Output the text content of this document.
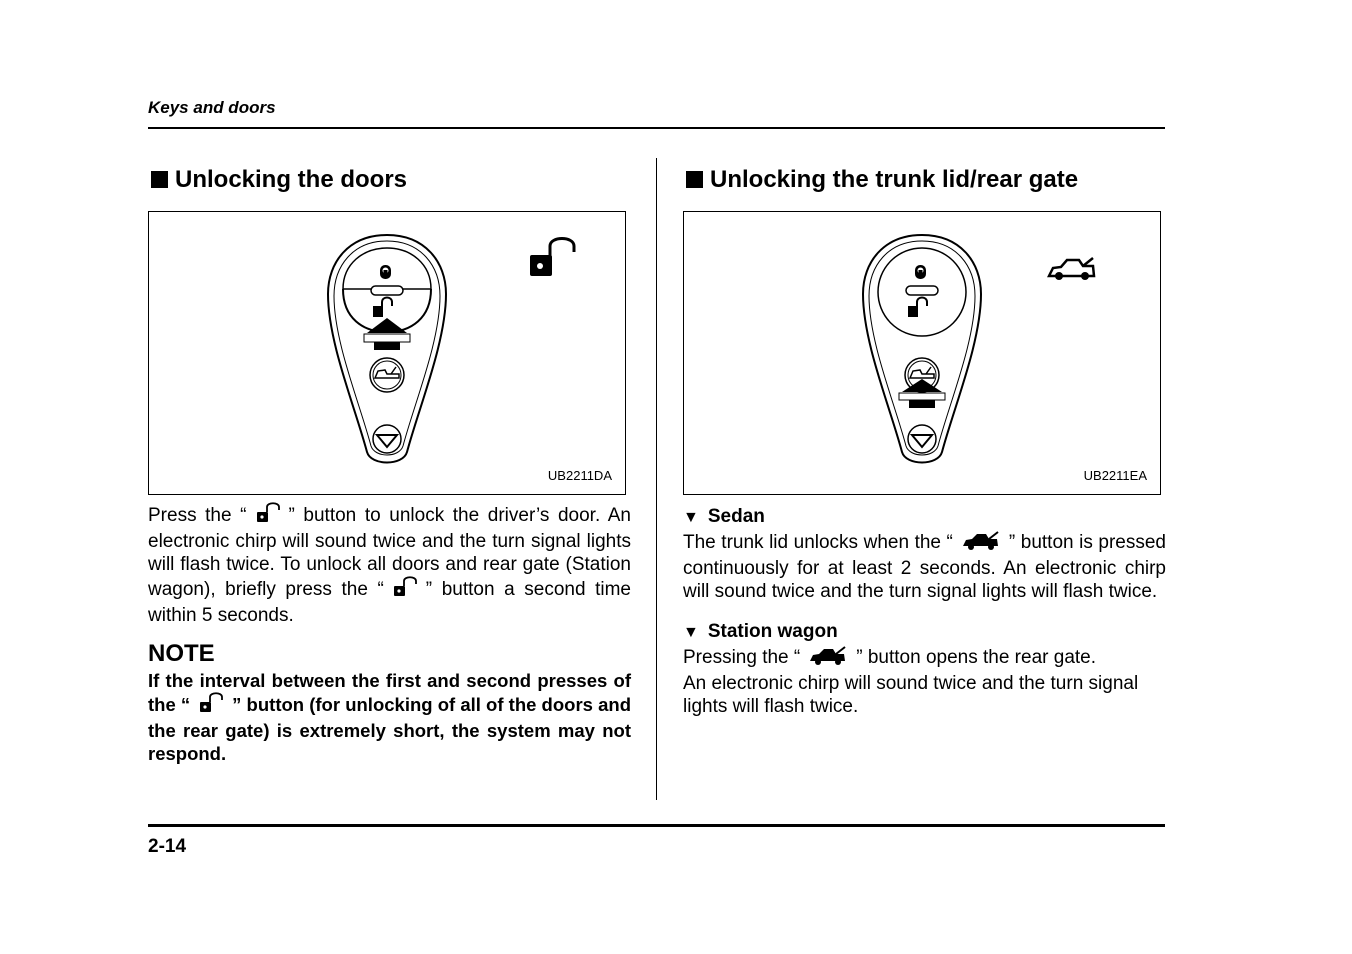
Keys and doors
Unlocking the doors
UB2211DA

Press the “ ” button to unlock the driver’s door. An electronic chirp will sound twice and the turn signal lights will flash twice. To unlock all doors and rear gate (Station wagon), briefly press the “ ” button a second time within 5 seconds.

NOTE

If the interval between the first and second presses of the “ ” button (for unlocking of all of the doors and the rear gate) is extremely short, the system may not respond.

Unlocking the trunk lid/rear gate
UB2211EA
▼ Sedan

The trunk lid unlocks when the “	” button is pressed continuously for at least 2 seconds. An electronic chirp will sound twice and the turn signal lights will flash twice.

▼ Station wagon

Pressing the “	” button opens the rear gate.
An electronic chirp will sound twice and the turn signal lights will flash twice.

2-14
